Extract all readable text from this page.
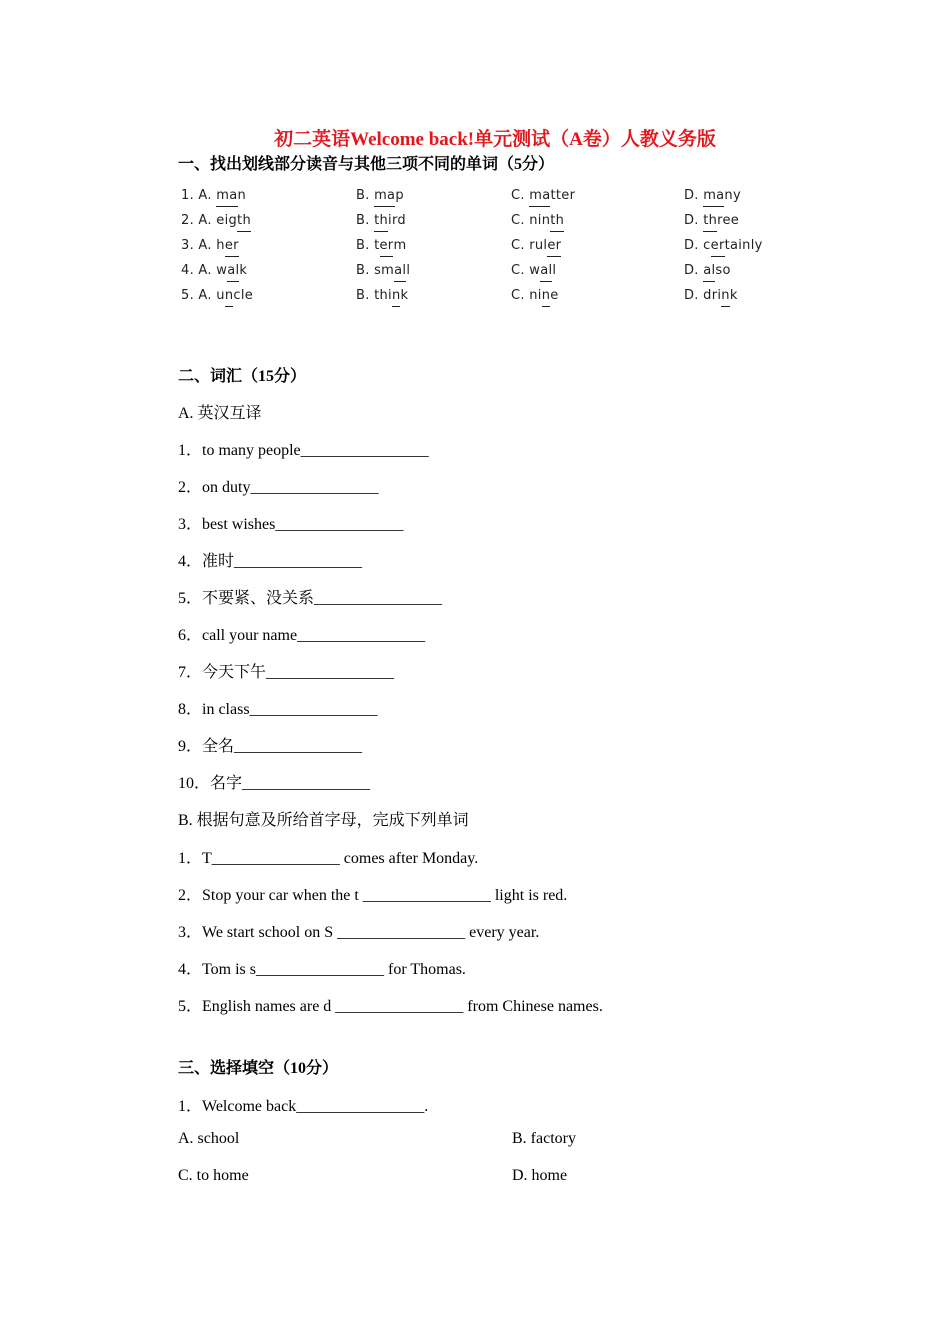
初二英语Welcome back!单元测试（A卷）人教义务版
一、找出划线部分读音与其他三项不同的单词（5分）
1. A. man	B. map	C. matter	D. many
2. A. eigth	B. third	C. ninth	D. three
3. A. her	B. term	C. ruler	D. certainly
4. A. walk	B. small	C. wall	D. also
5. A. uncle	B. think	C. nine	D. drink
二、词汇（15分）
A. 英汉互译
1．to many people________________
2．on duty________________
3．best wishes________________
4．准时________________
5．不要紧、没关系________________
6．call your name________________
7．今天下午________________
8．in class________________
9．全名________________
10．名字________________
B. 根据句意及所给首字母，完成下列单词
1．T________________ comes after Monday.
2．Stop your car when the t ________________ light is red.
3．We start school on S ________________ every year.
4．Tom is s________________ for Thomas.
5．English names are d ________________ from Chinese names.
三、选择填空（10分）
1．Welcome back________________.
A. school	B. factory
C. to home	D. home
